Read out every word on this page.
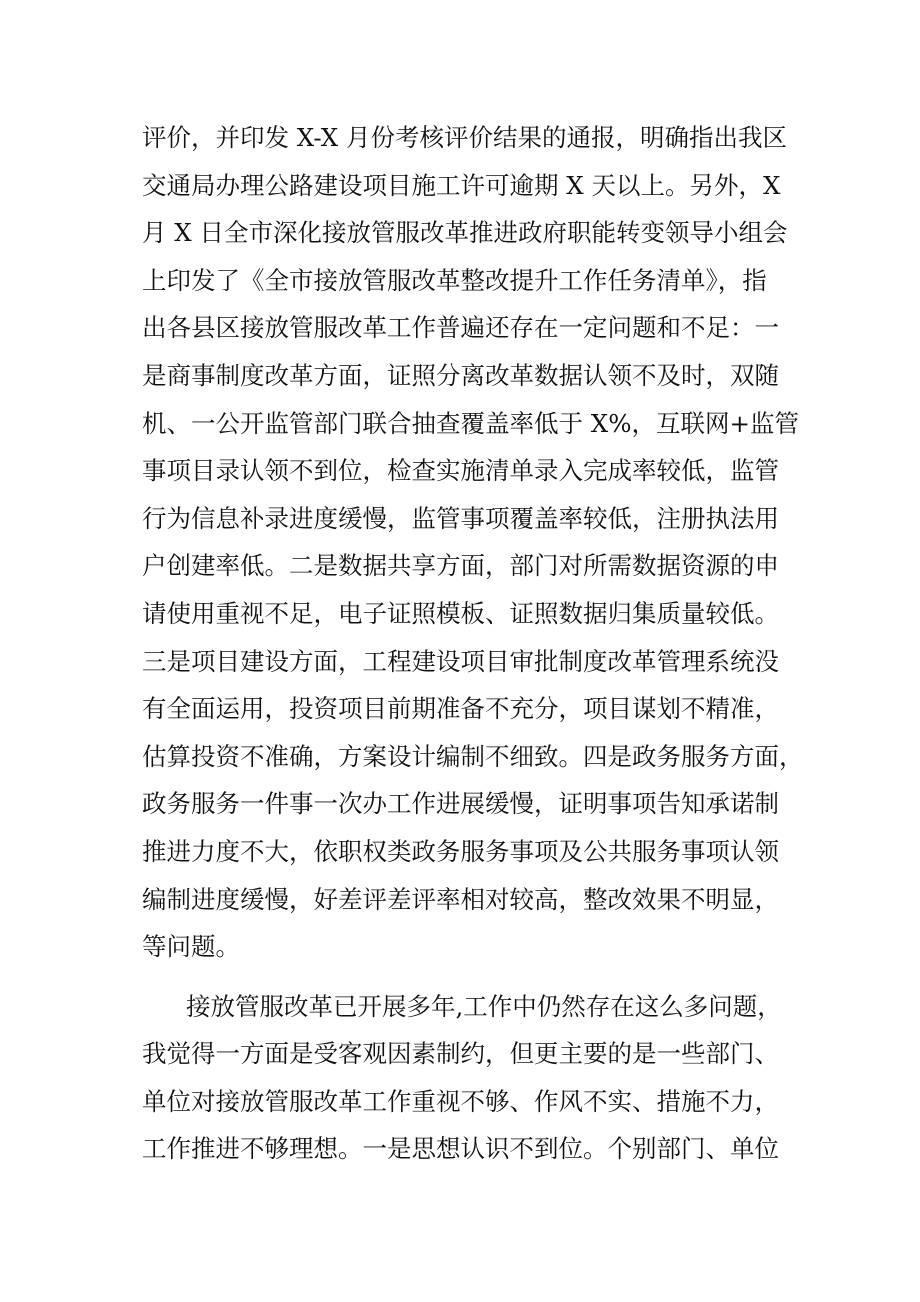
评价，并印发 X-X 月份考核评价结果的通报，明确指出我区
交通局办理公路建设项目施工许可逾期 X 天以上。另外，X
月 X 日全市深化接放管服改革推进政府职能转变领导小组会
上印发了《全市接放管服改革整改提升工作任务清单》，指
出各县区接放管服改革工作普遍还存在一定问题和不足：一
是商事制度改革方面，证照分离改革数据认领不及时，双随
机、一公开监管部门联合抽查覆盖率低于 X%，互联网+监管
事项目录认领不到位，检查实施清单录入完成率较低，监管
行为信息补录进度缓慢，监管事项覆盖率较低，注册执法用
户创建率低。二是数据共享方面，部门对所需数据资源的申
请使用重视不足，电子证照模板、证照数据归集质量较低。
三是项目建设方面，工程建设项目审批制度改革管理系统没
有全面运用，投资项目前期准备不充分，项目谋划不精准，
估算投资不准确，方案设计编制不细致。四是政务服务方面，
政务服务一件事一次办工作进展缓慢，证明事项告知承诺制
推进力度不大，依职权类政务服务事项及公共服务事项认领
编制进度缓慢，好差评差评率相对较高，整改效果不明显，
等问题。
接放管服改革已开展多年,工作中仍然存在这么多问题，
我觉得一方面是受客观因素制约，但更主要的是一些部门、
单位对接放管服改革工作重视不够、作风不实、措施不力，
工作推进不够理想。一是思想认识不到位。个别部门、单位
